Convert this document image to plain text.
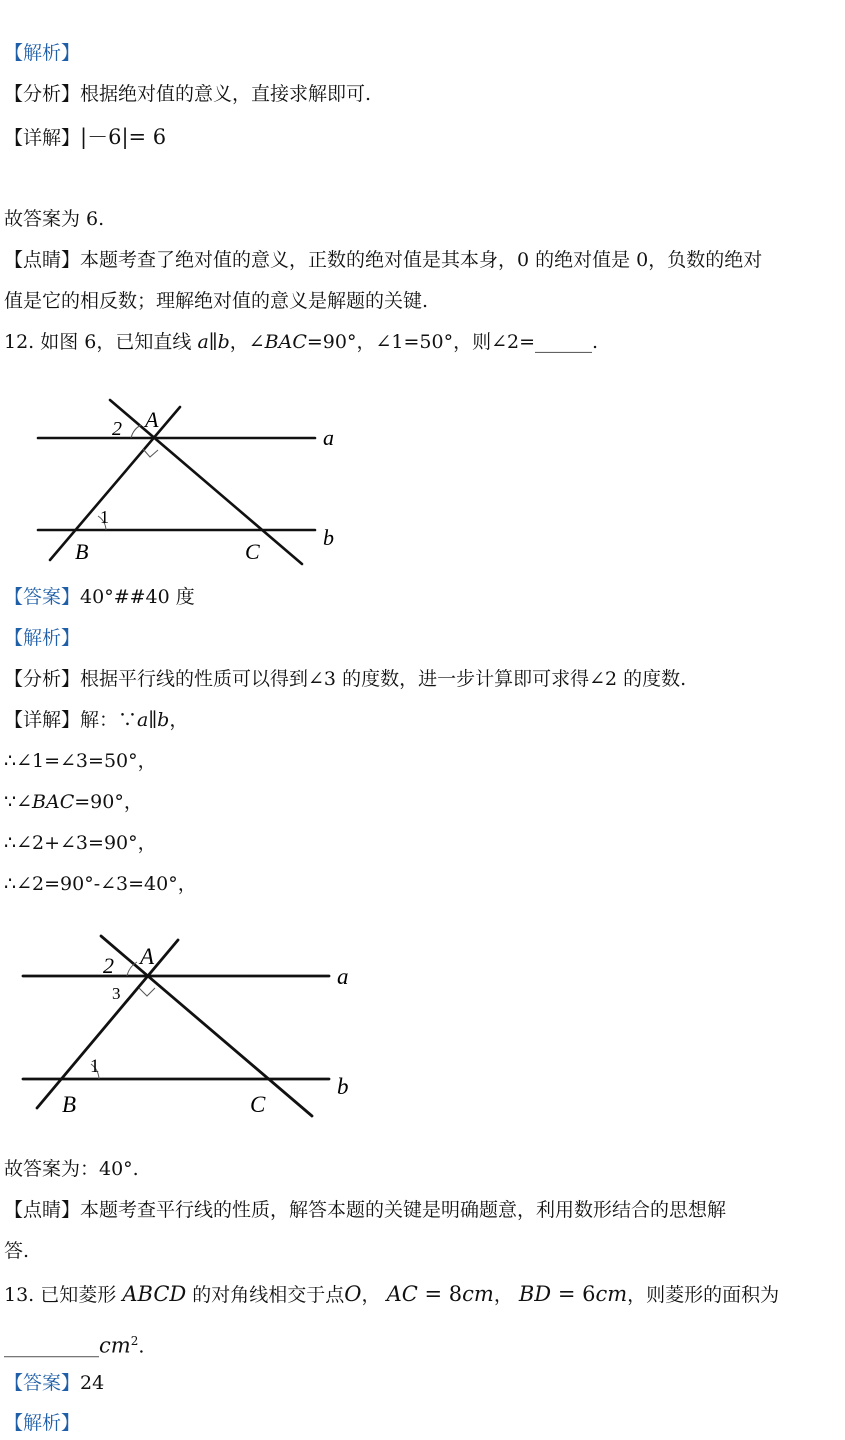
【解析】
【分析】根据绝对值的意义，直接求解即可.
【详解】|－6|= 6
故答案为 6.
【点睛】本题考查了绝对值的意义，正数的绝对值是其本身，0 的绝对值是 0，负数的绝对
值是它的相反数；理解绝对值的意义是解题的关键.
12. 如图 6，已知直线 a∥b，∠BAC=90°，∠1=50°，则∠2=______.
2 A
a
1
B	C
b
【答案】40°##40 度
【解析】
【分析】根据平行线的性质可以得到∠3 的度数，进一步计算即可求得∠2 的度数.
【详解】解：∵a∥b，
∴∠1=∠3=50°，
∵∠BAC=90°，
∴∠2+∠3=90°，
∴∠2=90°-∠3=40°，
2 A
3
a
1
B	C
b
故答案为：40°.
【点睛】本题考查平行线的性质，解答本题的关键是明确题意，利用数形结合的思想解
答.
13. 已知菱形 ABCD 的对角线相交于点O， AC = 8cm， BD = 6cm，则菱形的面积为
$\_\_\_\_\_\_\_\_\_\_cm^2$.
【答案】24
【解析】
